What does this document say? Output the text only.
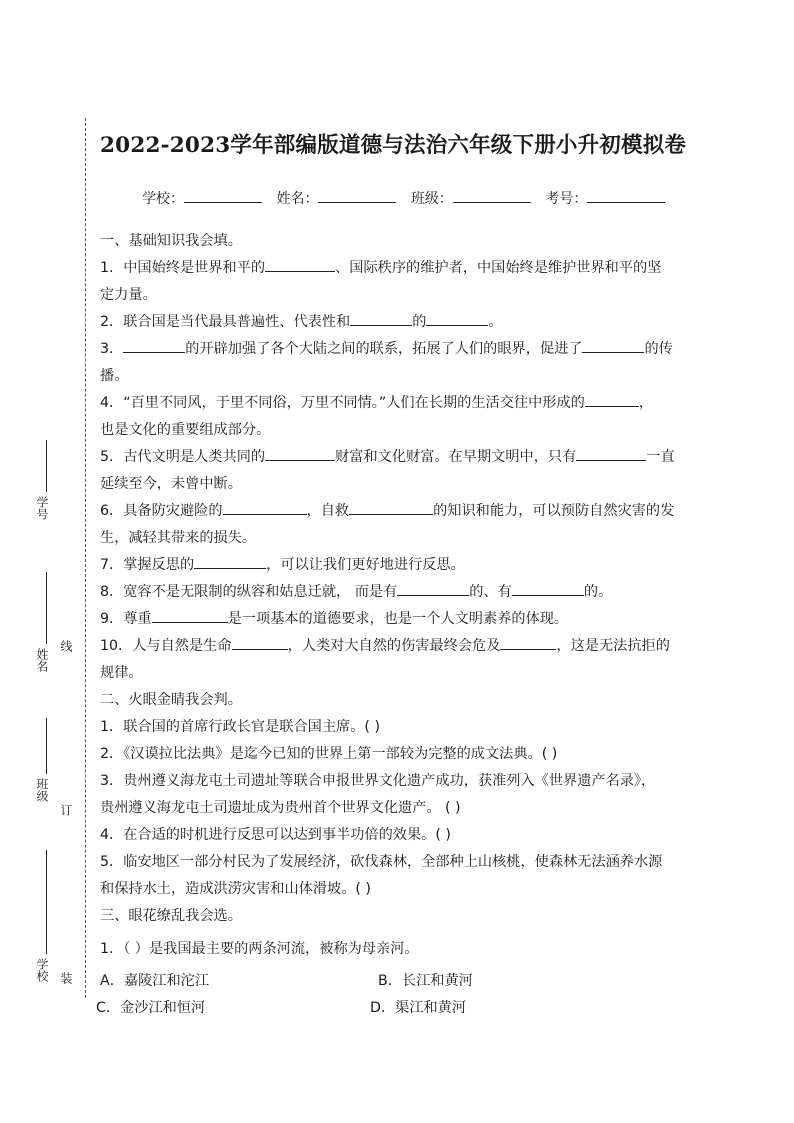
学号
姓名
线
班级
订
学校 装
2022-2023学年部编版道德与法治六年级下册小升初模拟卷
学校：	姓名：	班级：	考号：
一、基础知识我会填。
1．中国始终是世界和平的	、国际秩序的维护者，中国始终是维护世界和平的坚
定力量。
2．联合国是当代最具普遍性、代表性和	的	。
3．	的开辟加强了各个大陆之间的联系，拓展了人们的眼界，促进了	的传
播。
4．“百里不同风，于里不同俗，万里不同情。”人们在长期的生活交往中形成的	，
也是文化的重要组成部分。
5．古代文明是人类共同的	财富和文化财富。在早期文明中，只有	一直
延续至今，未曾中断。
6．具备防灾避险的	，自救	的知识和能力，可以预防自然灾害的发
生，减轻其带来的损失。
7．掌握反思的	，可以让我们更好地进行反思。
8．宽容不是无限制的纵容和姑息迁就， 而是有	的、有	的。
9．尊重	是一项基本的道德要求，也是一个人文明素养的体现。
10．人与自然是生命	，人类对大自然的伤害最终会危及	，这是无法抗拒的
规律。
二、火眼金睛我会判。
1．联合国的首席行政长官是联合国主席。( )
2．《汉谟拉比法典》是迄今已知的世界上第一部较为完整的成文法典。( )
3．贵州遵义海龙屯土司遗址等联合申报世界文化遗产成功，获准列入《世界遗产名录》，
贵州遵义海龙屯土司遗址成为贵州首个世界文化遗产。 ( )
4．在合适的时机进行反思可以达到事半功倍的效果。( )
5．临安地区一部分村民为了发展经济，砍伐森林，全部种上山核桃，使森林无法涵养水源
和保持水土，造成洪涝灾害和山体滑坡。( )
三、眼花缭乱我会选。
1．（ ）是我国最主要的两条河流，被称为母亲河。
A．嘉陵江和沱江	B．长江和黄河
C．金沙江和恒河	D．渠江和黄河
